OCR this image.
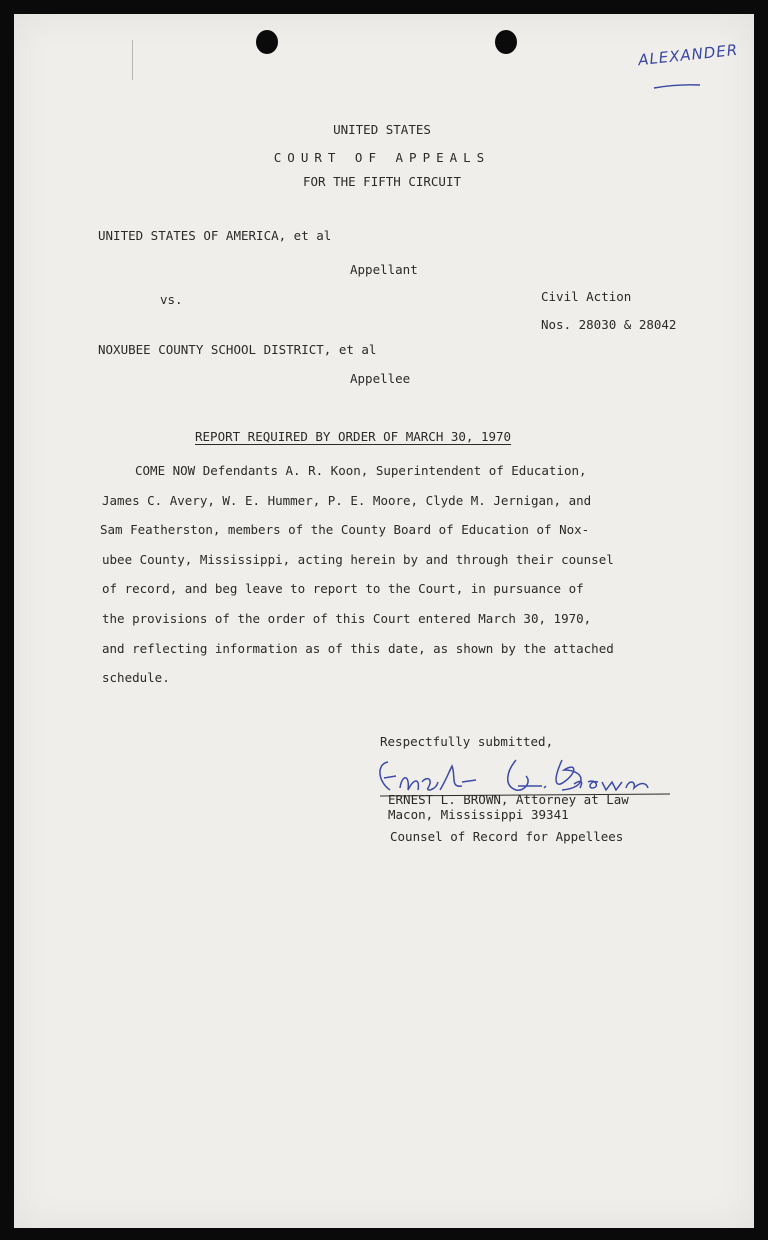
ALEXANDER
UNITED STATES
COURT OF APPEALS
FOR THE FIFTH CIRCUIT
UNITED STATES OF AMERICA, et al
Appellant
vs.	Civil Action
Nos. 28030 & 28042
NOXUBEE COUNTY SCHOOL DISTRICT, et al
Appellee
REPORT REQUIRED BY ORDER OF MARCH 30, 1970
COME NOW Defendants A. R. Koon, Superintendent of Education,
James C. Avery, W. E. Hummer, P. E. Moore, Clyde M. Jernigan, and
Sam Featherston, members of the County Board of Education of Nox-
ubee County, Mississippi, acting herein by and through their counsel
of record, and beg leave to report to the Court, in pursuance of
the provisions of the order of this Court entered March 30, 1970,
and reflecting information as of this date, as shown by the attached
schedule.
Respectfully submitted,
ERNEST L. BROWN, Attorney at Law
Macon, Mississippi 39341
Counsel of Record for Appellees
